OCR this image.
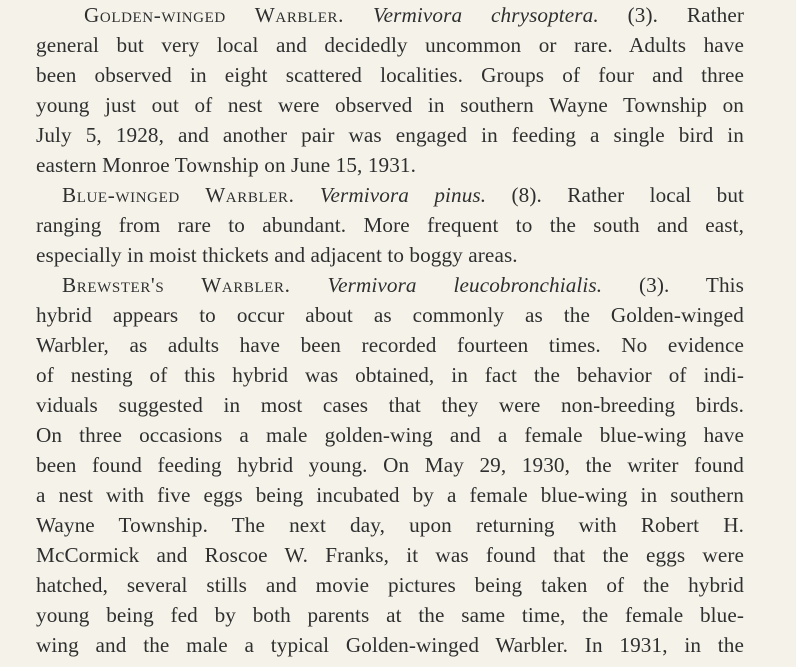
Golden-winged Warbler. Vermivora chrysoptera. (3). Rather
general but very local and decidedly uncommon or rare. Adults have
been observed in eight scattered localities. Groups of four and three
young just out of nest were observed in southern Wayne Township on
July 5, 1928, and another pair was engaged in feeding a single bird in
eastern Monroe Township on June 15, 1931.
Blue-winged Warbler. Vermivora pinus. (8). Rather local but
ranging from rare to abundant. More frequent to the south and east,
especially in moist thickets and adjacent to boggy areas.
Brewster's Warbler. Vermivora leucobronchialis. (3). This
hybrid appears to occur about as commonly as the Golden-winged
Warbler, as adults have been recorded fourteen times. No evidence
of nesting of this hybrid was obtained, in fact the behavior of indi-
viduals suggested in most cases that they were non-breeding birds.
On three occasions a male golden-wing and a female blue-wing have
been found feeding hybrid young. On May 29, 1930, the writer found
a nest with five eggs being incubated by a female blue-wing in southern
Wayne Township. The next day, upon returning with Robert H.
McCormick and Roscoe W. Franks, it was found that the eggs were
hatched, several stills and movie pictures being taken of the hybrid
young being fed by both parents at the same time, the female blue-
wing and the male a typical Golden-winged Warbler. In 1931, in the
